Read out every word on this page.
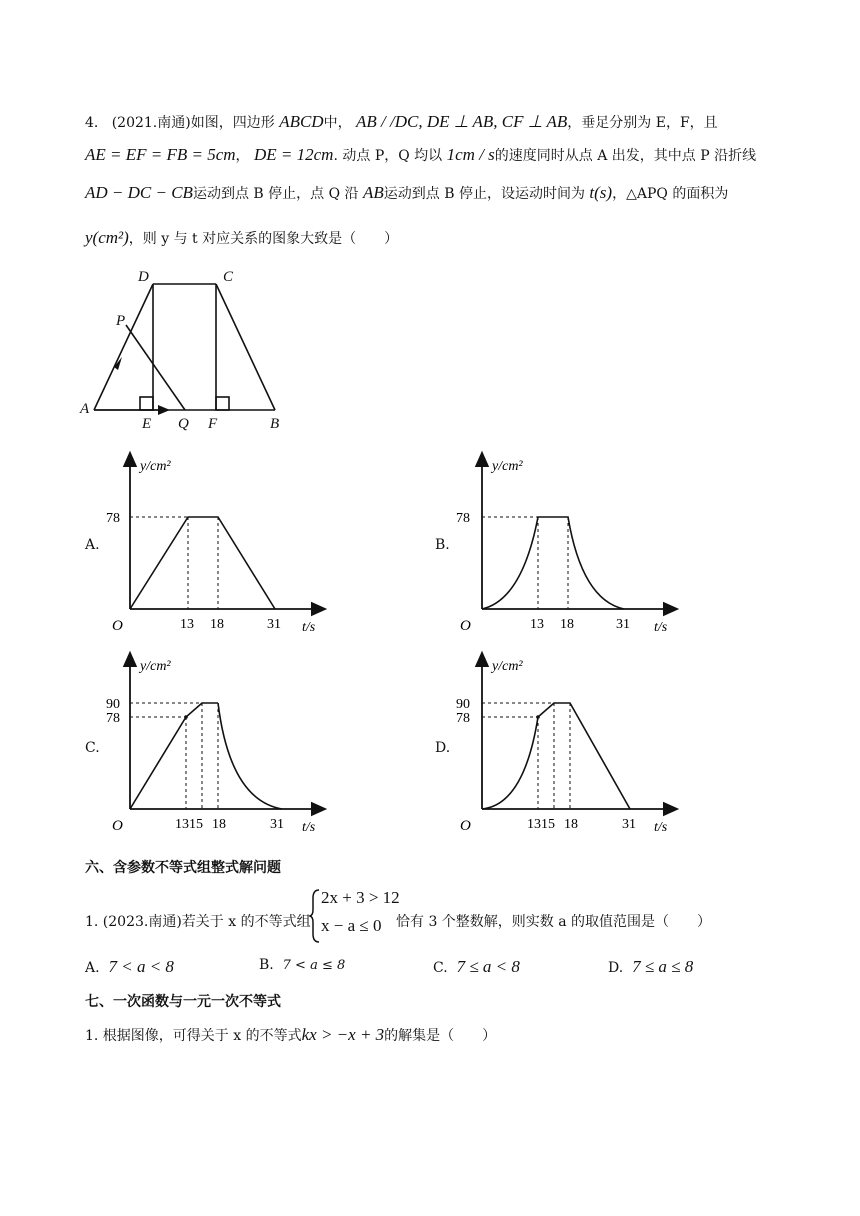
4. (2021.南通)如图，四边形 ABCD中， AB / /DC, DE ⊥ AB, CF ⊥ AB，垂足分别为 E，F，且
AE = EF = FB = 5cm， DE = 12cm. 动点 P，Q 均以 1cm / s的速度同时从点 A 出发，其中点 P 沿折线
AD − DC − CB运动到点 B 停止，点 Q 沿 AB运动到点 B 停止，设运动时间为 t(s)，△APQ 的面积为
y(cm²)，则 y 与 t 对应关系的图象大致是（　　）
D	C
P
A
E Q F	B
A.	B.
C.	D.
y/cm²
t/s
O
78
13 18	31
y/cm²
t/s
O
78
13 18	31
y/cm²
t/s
O
90
78
1315 18	31
y/cm²
t/s
O
90
78
1315 18	31
六、含参数不等式组整式解问题
1. (2023.南通)若关于 x 的不等式组
2x + 3 > 12
x − a ≤ 0 恰有 3 个整数解，则实数 a 的取值范围是（　　）
A. 7 < a < 8	B. 7 < a ≤ 8	C. 7 ≤ a < 8	D. 7 ≤ a ≤ 8
七、一次函数与一元一次不等式
1. 根据图像，可得关于 x 的不等式kx > −x + 3的解集是（　　）
